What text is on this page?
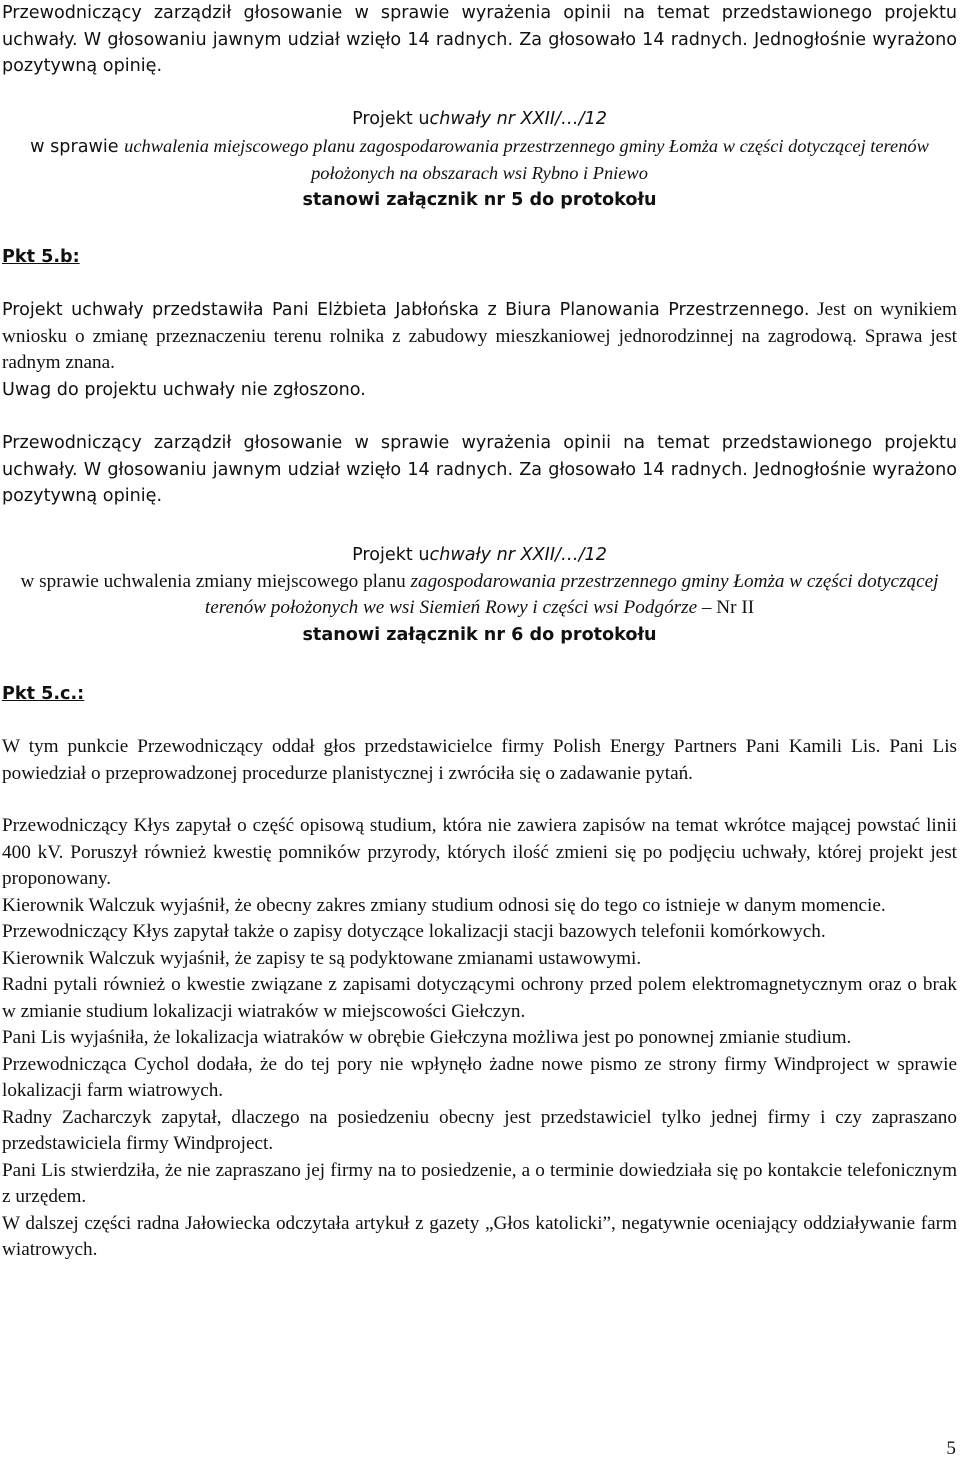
Przewodniczący zarządził głosowanie w sprawie wyrażenia opinii na temat przedstawionego projektu uchwały. W głosowaniu jawnym udział wzięło 14 radnych. Za głosowało 14 radnych. Jednogłośnie wyrażono pozytywną opinię.

Projekt uchwały nr XXII/…/12

w sprawie uchwalenia miejscowego planu zagospodarowania przestrzennego gminy Łomża w części dotyczącej terenów położonych na obszarach wsi Rybno i Pniewo

stanowi załącznik nr 5 do protokołu

Pkt 5.b:

Projekt uchwały przedstawiła Pani Elżbieta Jabłońska z Biura Planowania Przestrzennego. Jest on wynikiem wniosku o zmianę przeznaczeniu terenu rolnika z zabudowy mieszkaniowej jednorodzinnej na zagrodową. Sprawa jest radnym znana.

Uwag do projektu uchwały nie zgłoszono.

Przewodniczący zarządził głosowanie w sprawie wyrażenia opinii na temat przedstawionego projektu uchwały. W głosowaniu jawnym udział wzięło 14 radnych. Za głosowało 14 radnych. Jednogłośnie wyrażono pozytywną opinię.

Projekt uchwały nr XXII/…/12

w sprawie uchwalenia zmiany miejscowego planu zagospodarowania przestrzennego gminy Łomża w części dotyczącej terenów położonych we wsi Siemień Rowy i części wsi Podgórze – Nr II

stanowi załącznik nr 6 do protokołu

Pkt 5.c.:

W tym punkcie Przewodniczący oddał głos przedstawicielce firmy Polish Energy Partners Pani Kamili Lis. Pani Lis powiedział o przeprowadzonej procedurze planistycznej i zwróciła się o zadawanie pytań.

Przewodniczący Kłys zapytał o część opisową studium, która nie zawiera zapisów na temat wkrótce mającej powstać linii 400 kV. Poruszył również kwestię pomników przyrody, których ilość zmieni się po podjęciu uchwały, której projekt jest proponowany.

Kierownik Walczuk wyjaśnił, że obecny zakres zmiany studium odnosi się do tego co istnieje w danym momencie.

Przewodniczący Kłys zapytał także o zapisy dotyczące lokalizacji stacji bazowych telefonii komórkowych.

Kierownik Walczuk wyjaśnił, że zapisy te są podyktowane zmianami ustawowymi.

Radni pytali również o kwestie związane z zapisami dotyczącymi ochrony przed polem elektromagnetycznym oraz o brak w zmianie studium lokalizacji wiatraków w miejscowości Giełczyn.

Pani Lis wyjaśniła, że lokalizacja wiatraków w obrębie Giełczyna możliwa jest po ponownej zmianie studium.

Przewodnicząca Cychol dodała, że do tej pory nie wpłynęło żadne nowe pismo ze strony firmy Windproject w sprawie lokalizacji farm wiatrowych.

Radny Zacharczyk zapytał, dlaczego na posiedzeniu obecny jest przedstawiciel tylko jednej firmy i czy zapraszano przedstawiciela firmy Windproject.

Pani Lis stwierdziła, że nie zapraszano jej firmy na to posiedzenie, a o terminie dowiedziała się po kontakcie telefonicznym z urzędem.

W dalszej części radna Jałowiecka odczytała artykuł z gazety „Głos katolicki”, negatywnie oceniający oddziaływanie farm wiatrowych.

5
